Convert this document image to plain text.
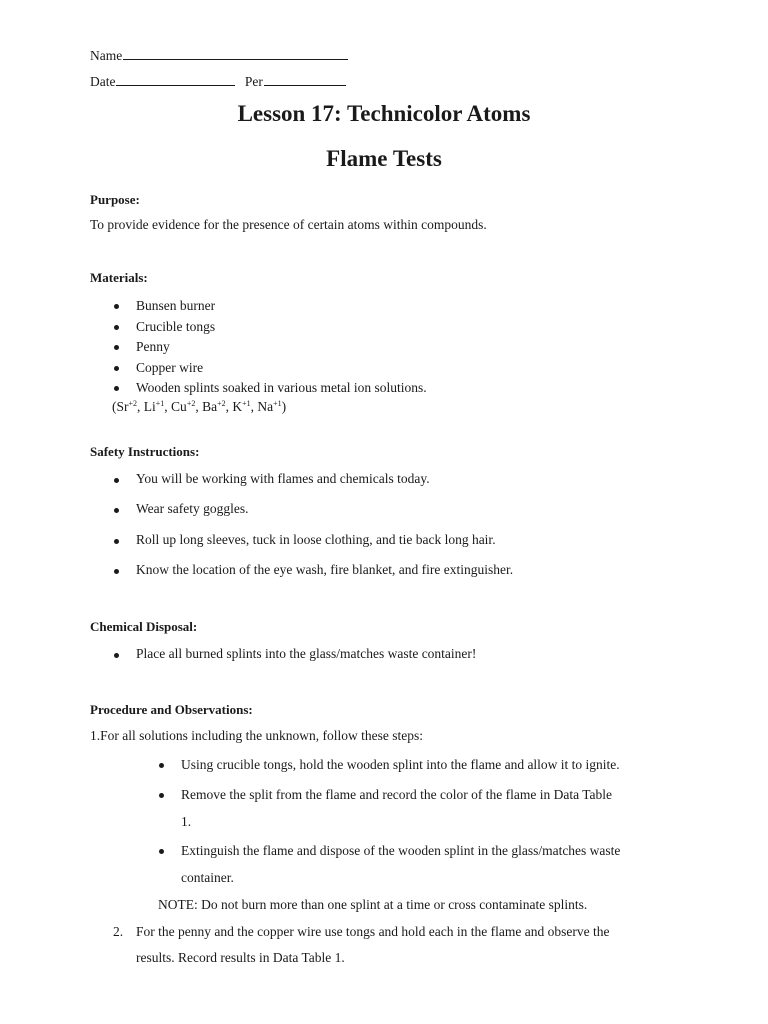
Name
Date	Per
Lesson 17: Technicolor Atoms
Flame Tests
Purpose:
To provide evidence for the presence of certain atoms within compounds.
Materials:
Bunsen burner
Crucible tongs
Penny
Copper wire
Wooden splints soaked in various metal ion solutions.
($Sr^{+2}$, $Li^{+1}$, $Cu^{+2}$, $Ba^{+2}$, $K^{+1}$, $Na^{+1}$)
Safety Instructions:
You will be working with flames and chemicals today.
Wear safety goggles.
Roll up long sleeves, tuck in loose clothing, and tie back long hair.
Know the location of the eye wash, fire blanket, and fire extinguisher.
Chemical Disposal:
Place all burned splints into the glass/matches waste container!
Procedure and Observations:
1.For all solutions including the unknown, follow these steps:
Using crucible tongs, hold the wooden splint into the flame and allow it to ignite.
Remove the split from the flame and record the color of the flame in Data Table
1.
Extinguish the flame and dispose of the wooden splint in the glass/matches waste
container.
NOTE: Do not burn more than one splint at a time or cross contaminate splints.
2. For the penny and the copper wire use tongs and hold each in the flame and observe the
results. Record results in Data Table 1.
